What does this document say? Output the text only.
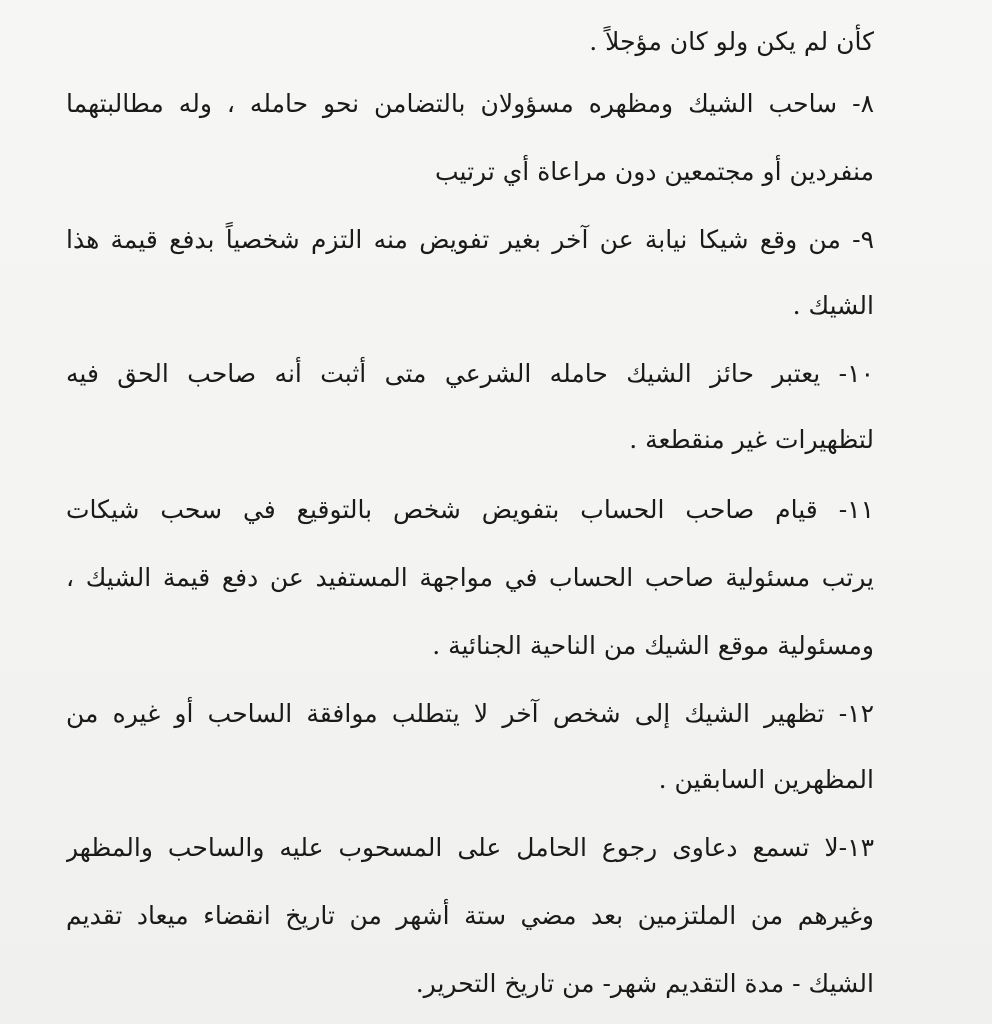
كأن لم يكن ولو كان مؤجلاً .
٨- ساحب الشيك ومظهره مسؤولان بالتضامن نحو حامله ، وله مطالبتهما
منفردين أو مجتمعين دون مراعاة أي ترتيب
٩- من وقع شيكا نيابة عن آخر بغير تفويض منه التزم شخصياً بدفع قيمة هذا
الشيك .
١٠- يعتبر حائز الشيك حامله الشرعي متى أثبت أنه صاحب الحق فيه
لتظهيرات غير منقطعة .
١١- قيام صاحب الحساب بتفويض شخص بالتوقيع في سحب شيكات
يرتب مسئولية صاحب الحساب في مواجهة المستفيد عن دفع قيمة الشيك ،
ومسئولية موقع الشيك من الناحية الجنائية .
١٢- تظهير الشيك إلى شخص آخر لا يتطلب موافقة الساحب أو غيره من
المظهرين السابقين .
١٣-لا تسمع دعاوى رجوع الحامل على المسحوب عليه والساحب والمظهر
وغيرهم من الملتزمين بعد مضي ستة أشهر من تاريخ انقضاء ميعاد تقديم
الشيك - مدة التقديم شهر- من تاريخ التحرير.
